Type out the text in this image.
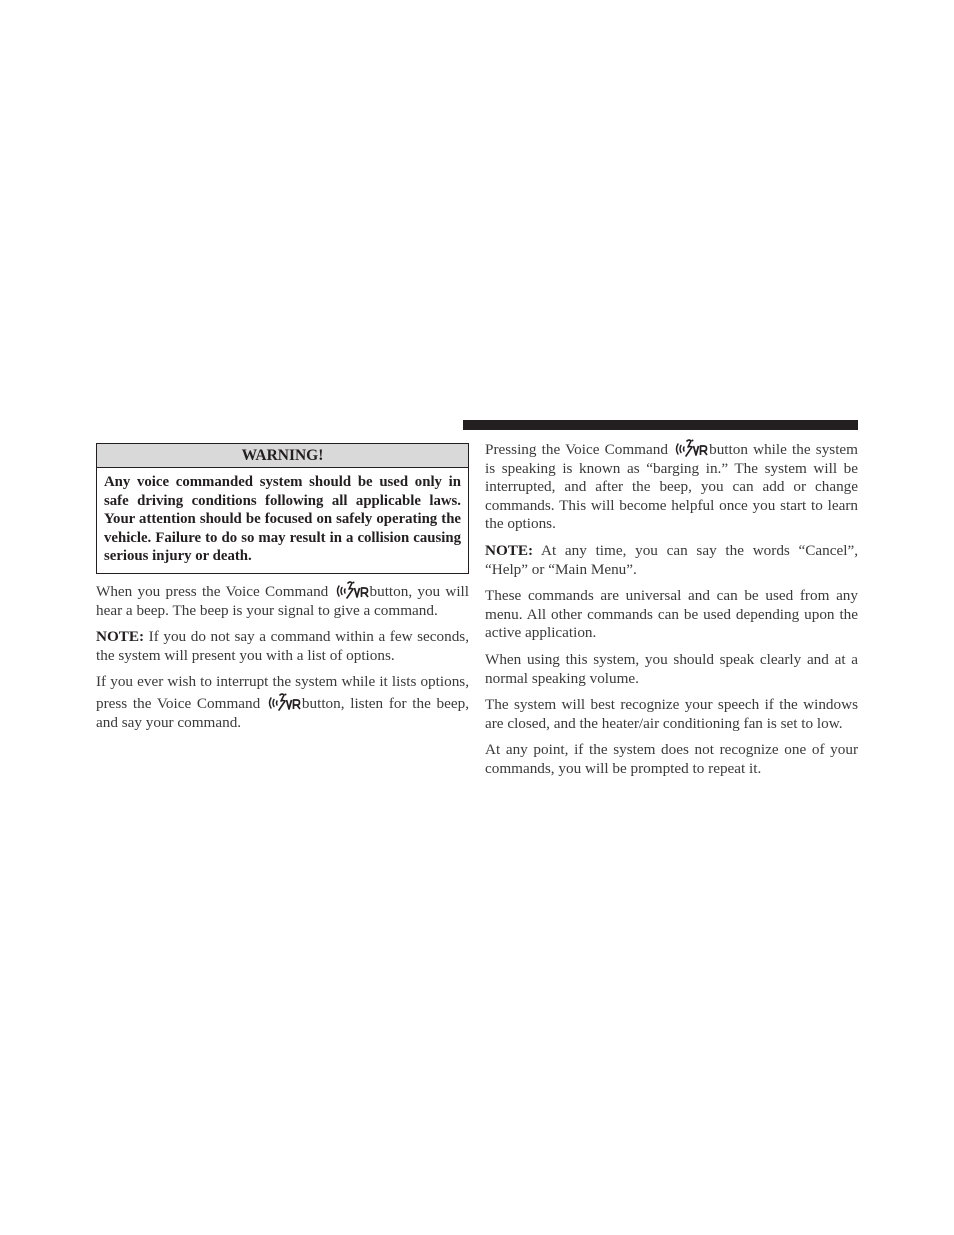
WARNING!
Any voice commanded system should be used only in safe driving conditions following all applicable laws. Your attention should be focused on safely operating the vehicle. Failure to do so may result in a collision causing serious injury or death.

When you press the Voice Command button, you will hear a beep. The beep is your signal to give a command.

NOTE: If you do not say a command within a few seconds, the system will present you with a list of options.

If you ever wish to interrupt the system while it lists options, press the Voice Command button, listen for the beep, and say your command.

Pressing the Voice Command button while the system is speaking is known as “barging in.” The system will be interrupted, and after the beep, you can add or change commands. This will become helpful once you start to learn the options.

NOTE: At any time, you can say the words “Cancel”, “Help” or “Main Menu”.

These commands are universal and can be used from any menu. All other commands can be used depending upon the active application.

When using this system, you should speak clearly and at a normal speaking volume.

The system will best recognize your speech if the windows are closed, and the heater/air conditioning fan is set to low.

At any point, if the system does not recognize one of your commands, you will be prompted to repeat it.
